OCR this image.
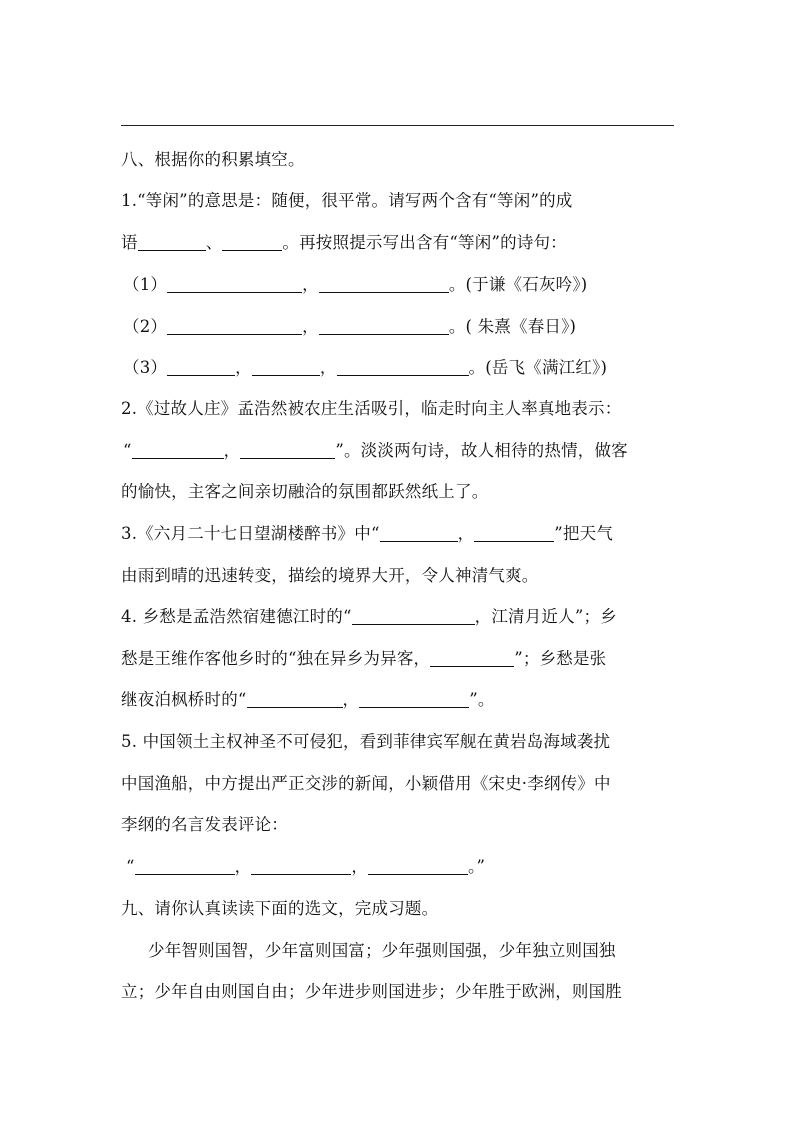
八、根据你的积累填空。
1.“等闲”的意思是：随便，很平常。请写两个含有“等闲”的成
语	、	。再按照提示写出含有“等闲”的诗句：
（1）	，	。(于谦《石灰吟》)
（2）	，	。( 朱熹《春日》)
（3）	，	，	。(岳飞《满江红》)
2.《过故人庄》孟浩然被农庄生活吸引，临走时向主人率真地表示：
“	，	”。淡淡两句诗，故人相待的热情，做客
的愉快，主客之间亲切融洽的氛围都跃然纸上了。
3.《六月二十七日望湖楼醉书》中“	，	”把天气
由雨到晴的迅速转变，描绘的境界大开，令人神清气爽。
4. 乡愁是孟浩然宿建德江时的“	，江清月近人”；乡
愁是王维作客他乡时的“独在异乡为异客，	”；乡愁是张
继夜泊枫桥时的“	，	”。
5. 中国领土主权神圣不可侵犯，看到菲律宾军舰在黄岩岛海域袭扰
中国渔船，中方提出严正交涉的新闻，小颖借用《宋史·李纲传》中
李纲的名言发表评论：
“	，	，	。”
九、请你认真读读下面的选文，完成习题。
少年智则国智，少年富则国富；少年强则国强，少年独立则国独
立；少年自由则国自由；少年进步则国进步；少年胜于欧洲，则国胜
